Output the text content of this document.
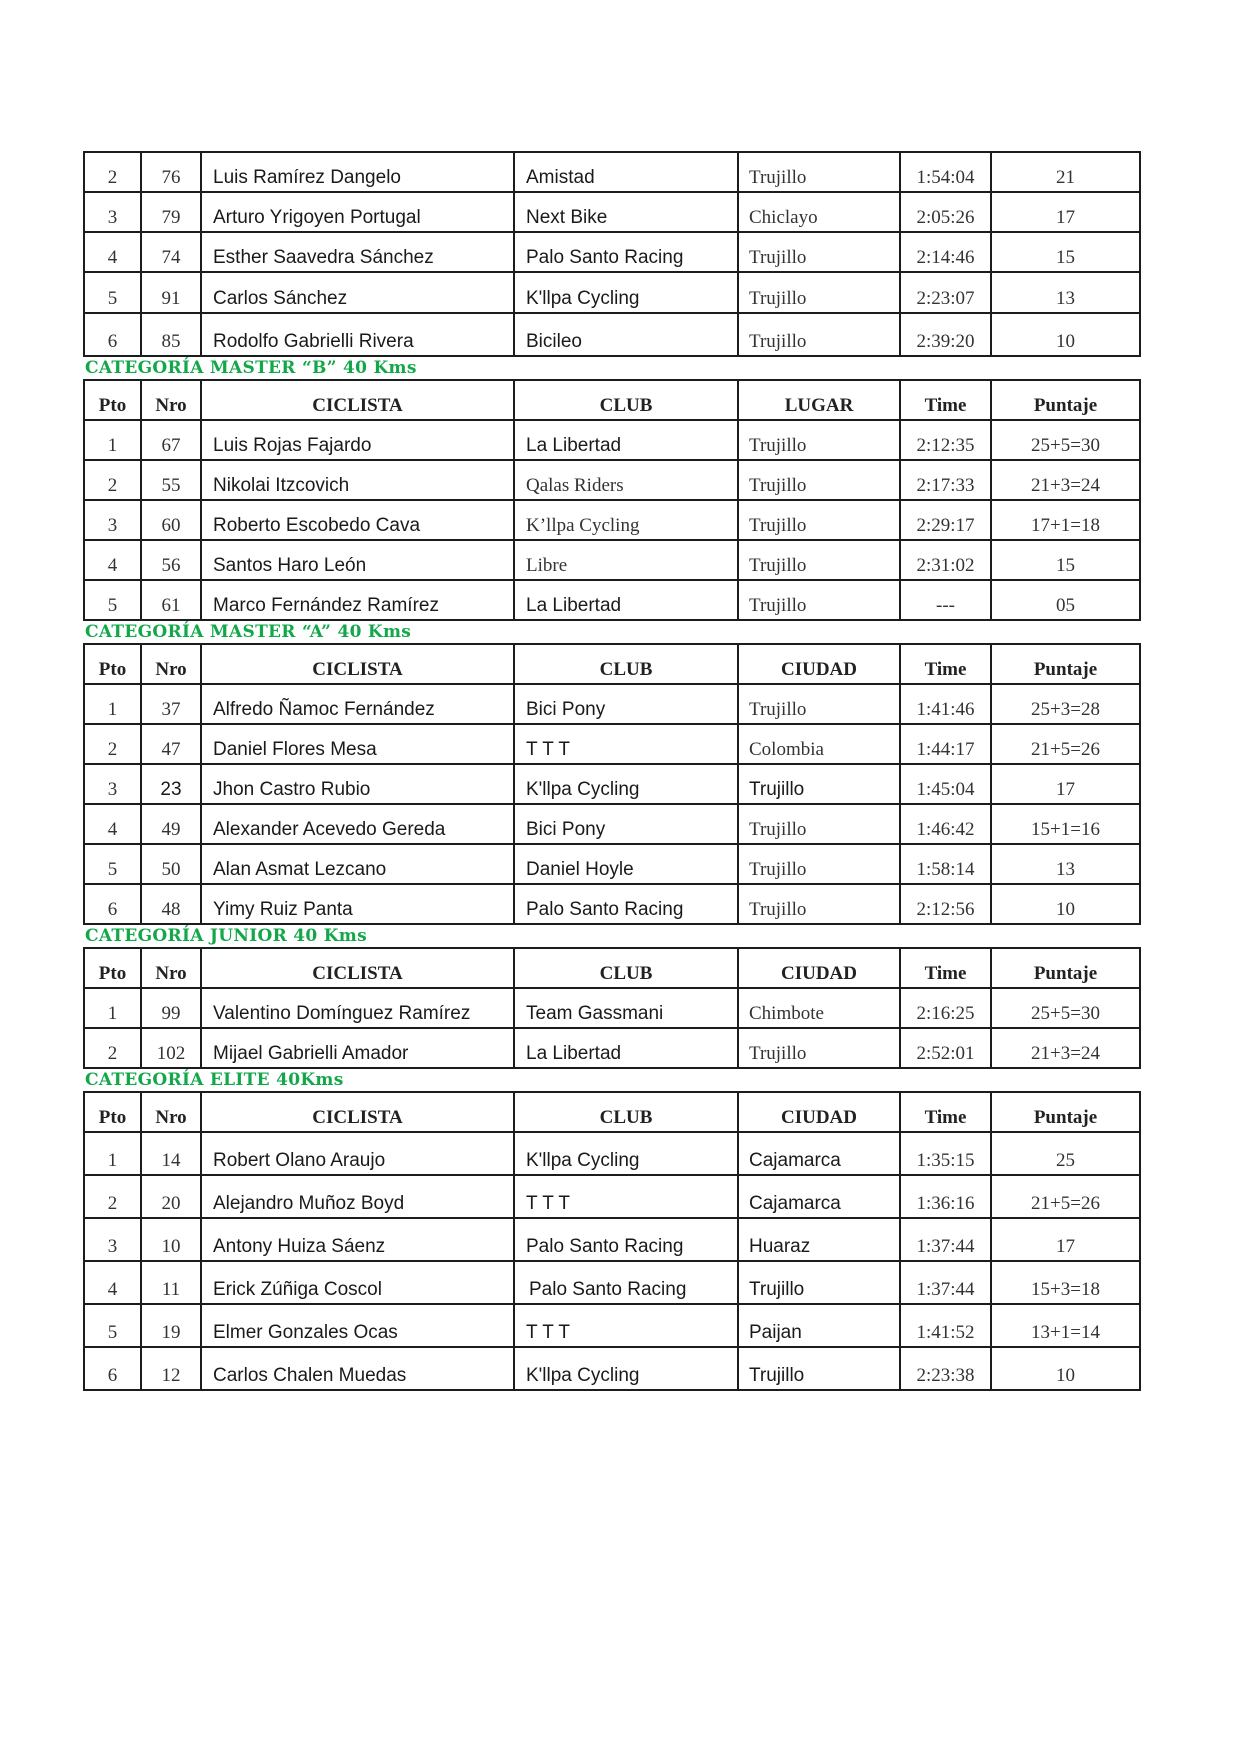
2	76	Luis Ramírez Dangelo	Amistad	Trujillo	1:54:04	21
3	79	Arturo Yrigoyen Portugal	Next Bike	Chiclayo	2:05:26	17
4	74	Esther Saavedra Sánchez	Palo Santo Racing	Trujillo	2:14:46	15
5	91	Carlos Sánchez	K'llpa Cycling	Trujillo	2:23:07	13
6	85	Rodolfo Gabrielli Rivera	Bicileo	Trujillo	2:39:20	10
CATEGORÍA MASTER “B” 40 Kms
Pto	Nro	CICLISTA	CLUB	LUGAR	Time	Puntaje
1	67	Luis Rojas Fajardo	La Libertad	Trujillo	2:12:35	25+5=30
2	55	Nikolai Itzcovich	Qalas Riders	Trujillo	2:17:33	21+3=24
3	60	Roberto Escobedo Cava	K’llpa Cycling	Trujillo	2:29:17	17+1=18
4	56	Santos Haro León	Libre	Trujillo	2:31:02	15
5	61	Marco Fernández Ramírez	La Libertad	Trujillo	---	05
CATEGORÍA MASTER “A” 40 Kms
Pto	Nro	CICLISTA	CLUB	CIUDAD	Time	Puntaje
1	37	Alfredo Ñamoc Fernández	Bici Pony	Trujillo	1:41:46	25+3=28
2	47	Daniel Flores Mesa	T T T	Colombia	1:44:17	21+5=26
3	23	Jhon Castro Rubio	K'llpa Cycling	Trujillo	1:45:04	17
4	49	Alexander Acevedo Gereda	Bici Pony	Trujillo	1:46:42	15+1=16
5	50	Alan Asmat Lezcano	Daniel Hoyle	Trujillo	1:58:14	13
6	48	Yimy Ruiz Panta	Palo Santo Racing	Trujillo	2:12:56	10
CATEGORÍA JUNIOR 40 Kms
Pto	Nro	CICLISTA	CLUB	CIUDAD	Time	Puntaje
1	99	Valentino Domínguez Ramírez	Team Gassmani	Chimbote	2:16:25	25+5=30
2	102	Mijael Gabrielli Amador	La Libertad	Trujillo	2:52:01	21+3=24
CATEGORÍA ELITE 40Kms
Pto	Nro	CICLISTA	CLUB	CIUDAD	Time	Puntaje
1	14	Robert Olano Araujo	K'llpa Cycling	Cajamarca	1:35:15	25
2	20	Alejandro Muñoz Boyd	T T T	Cajamarca	1:36:16	21+5=26
3	10	Antony Huiza Sáenz	Palo Santo Racing	Huaraz	1:37:44	17
4	11	Erick Zúñiga Coscol	Palo Santo Racing	Trujillo	1:37:44	15+3=18
5	19	Elmer Gonzales Ocas	T T T	Paijan	1:41:52	13+1=14
6	12	Carlos Chalen Muedas	K'llpa Cycling	Trujillo	2:23:38	10
